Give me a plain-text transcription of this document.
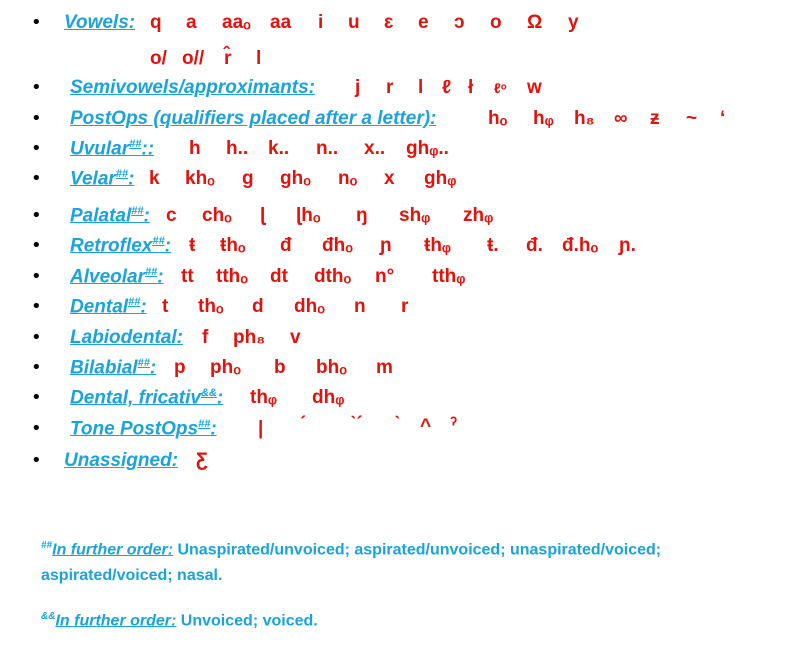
• Vowels: q a aaₒ aa i u ɛ e ɔ o Ω y
o/ o// r̂ l
• Semivowels/approximants: j r l ℓ ł ℓᵒ w
• PostOps (qualifiers placed after a letter):	hₒ hᵩ h₈ ∞ ƶ ~ ‘
• Uvular##:: h h.. k.. n.. x.. ghᵩ..
• Velar##: k khₒ g ghₒ nₒ x ghᵩ
• Palatal##: c chₒ ɭ ɭhₒ ŋ shᵩ zhᵩ
• Retroflex##: ŧ ŧhₒ đ đhₒ ɲ ŧhᵩ ŧ. đ. đ.hₒ ɲ.
• Alveolar##: tt tthₒ dt dthₒ n° tthᵩ
• Dental##: t thₒ d dhₒ n r
• Labiodental: f ph₈ v
• Bilabial##: p phₒ b bhₒ m
• Dental, fricativ&&: thᵩ dhᵩ
• Tone PostOps##: | ´ ˋ´ ˋ ^ ˀ
• Unassigned: Ƹ
##In further order: Unaspirated/unvoiced; aspirated/unvoiced; unaspirated/voiced; aspirated/voiced; nasal.
&&In further order: Unvoiced; voiced.
